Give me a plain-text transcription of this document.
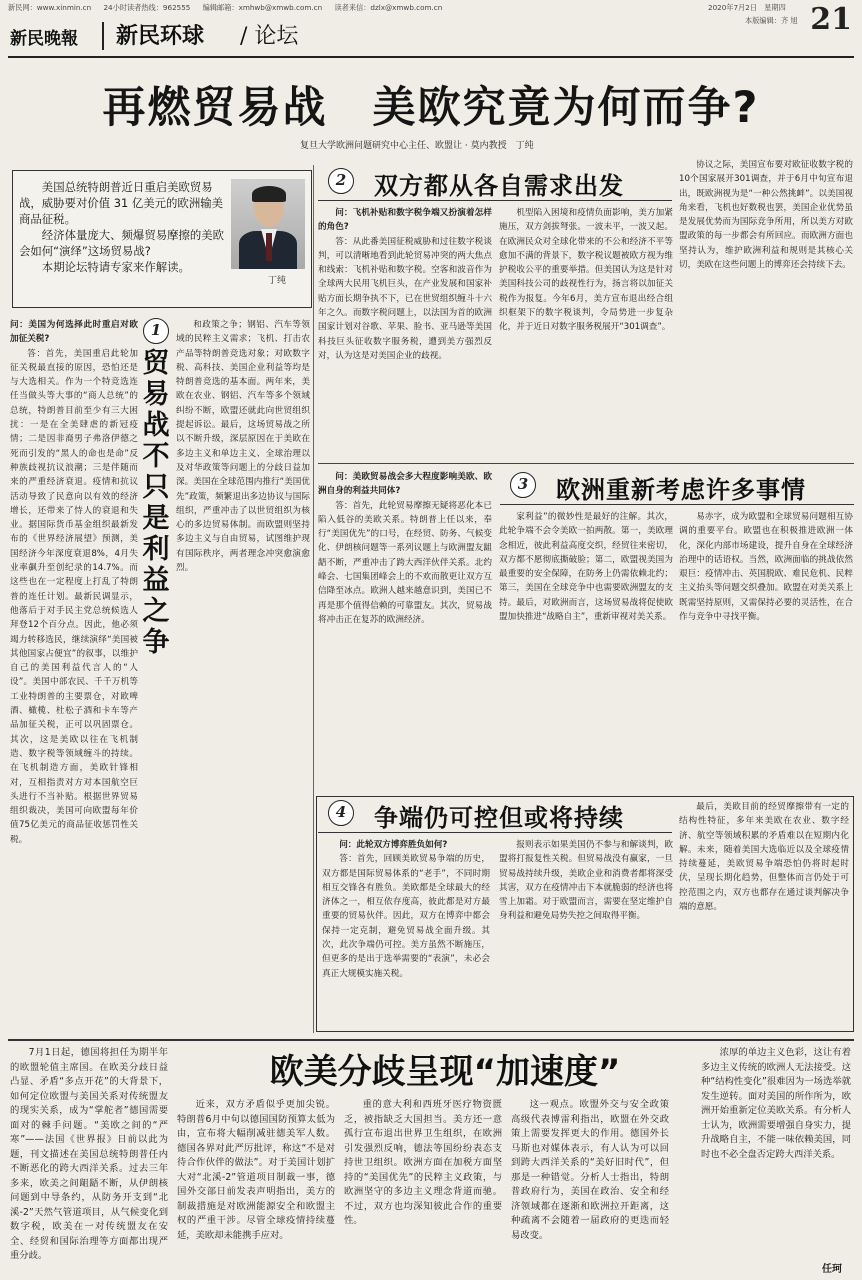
新民网：www.xinmin.cn 24小时读者热线：962555 编辑邮箱：xmhwb@xmwb.com.cn 读者来信：dzlx@xmwb.com.cn	2020年7月2日　星期四
本版编辑：齐 旭 21
新民晚報 新民环球 / 论坛
再燃贸易战　美欧究竟为何而争?
复旦大学欧洲问题研究中心主任、欧盟让 · 莫内教授　丁纯

美国总统特朗普近日重启美欧贸易战，威胁要对价值 31 亿美元的欧洲输美商品征税。

经济体量庞大、频爆贸易摩擦的美欧会如何“演绎”这场贸易战?

本期论坛特请专家来作解读。

丁纯
1
贸易战不只是利益之争

问：美国为何选择此时重启对欧加征关税?

答：首先，美国重启此轮加征关税最直接的原因，恐怕还是与大选相关。作为一个特竞选连任当做头等大事的“商人总统”的总统，特朗普目前至少有三大困扰：一是在全美肆虐的新冠疫情；二是因非裔男子弗洛伊德之死而引发的“黑人的命也是命”反种族歧视抗议浪潮；三是伴随而来的严重经济衰退。疫情和抗议活动导致了民意向以有效的经济增长，还带来了恃人的衰退和失业。据国际货币基金组织最新发布的《世界经济展望》预测，美国经济今年深度衰退8%，4月失业率飙升至创纪录的14.7%。而这些也在一定程度上打乱了特朗普的连任计划。最新民调显示，他落后于对手民主党总统候选人拜登12个百分点。因此，他必须竭力转移选民，继续演绎“美国被其他国家占便宜”的叙事，以维护自己的美国利益代言人的“人设”。美国中部农民、千千万机等工业特朗普的主要票仓，对欧啤酒、橄榄、杜松子酒和卡车等产品加征关税，正可以巩固票仓。其次，这是美欧以往在飞机制造、数字税等领域缠斗的持续。在飞机制造方面，美欧针锋相对，互相指责对方对本国航空巨头进行不当补贴。根据世界贸易组织裁决，美国可向欧盟每年价值75亿美元的商品征收惩罚性关税。

和政策之争；钢铝、汽车等领域的民粹主义需求；飞机、打击农产品等特朗普竞选对象；对欧数字税、高科技、美国企业利益等均是特朗普竞选的基本面。两年来，美欧在农业、钢铝、汽车等多个领域纠纷不断，欧盟还就此向世贸组织提起诉讼。最后，这场贸易战之所以不断升级，深层原因在于美欧在多边主义和单边主义、全球治理以及对华政策等问题上的分歧日益加深。美国在全球范围内推行“美国优先”政策，频繁退出多边协议与国际组织，严重冲击了以世贸组织为核心的多边贸易体制。而欧盟则坚持多边主义与自由贸易，试图维护现有国际秩序，两者理念冲突愈演愈烈。

2	双方都从各自需求出发

问：飞机补贴和数字税争端又扮演着怎样的角色?

答：从此番美国征税威胁和过往数字税谈判，可以清晰地看到此轮贸易冲突的两大焦点和线索：飞机补贴和数字税。空客和波音作为全球两大民用飞机巨头，在产业发展和国家补贴方面长期争执不下，已在世贸组织缠斗十六年之久。而数字税问题上，以法国为首的欧洲国家计划对谷歌、苹果、脸书、亚马逊等美国科技巨头征收数字服务税，遭到美方强烈反对，认为这是对美国企业的歧视。

机型陷入困境和疫情负面影响，美方加紧施压，双方剑拔弩张。一波未平，一波又起。在欧洲民众对全球化带来的不公和经济不平等愈加不满的背景下，数字税议题被欧方视为维护税收公平的重要举措。但美国认为这是针对美国科技公司的歧视性行为，扬言将以加征关税作为报复。今年6月，美方宣布退出经合组织框架下的数字税谈判，令局势进一步复杂化，并于近日对数字服务税展开“301调查”。

协议之际，美国宣布要对欧征收数字税的10个国家展开301调查，并于6月中旬宣布退出，既欧洲视为是“一种公然挑衅”。以美国视角来看，飞机也好数税也罢，美国企业优势虽是发展优势而为国际竞争所用，所以美方对欧盟政策的每一步都会有所回应。而欧洲方面也坚持认为，维护欧洲利益和规则是其核心关切，美欧在这些问题上的博弈还会持续下去。

3	欧洲重新考虑许多事情

问：美欧贸易战会多大程度影响美欧、欧洲自身的利益共同体?

答：首先，此轮贸易摩擦无疑将恶化本已陷入低谷的美欧关系。特朗普上任以来，奉行“美国优先”的口号，在经贸、防务、气候变化、伊朗核问题等一系列议题上与欧洲盟友龃龉不断，严重冲击了跨大西洋伙伴关系。北约峰会、七国集团峰会上的不欢而散更让双方互信降至冰点。欧洲人越来越意识到，美国已不再是那个值得信赖的可靠盟友。其次，贸易战将冲击正在复苏的欧洲经济。

家利益”的微妙性是最好的注解。其次，此轮争端不会令美欧一拍两散。第一，美欧理念相近，彼此利益高度交织，经贸往来密切，双方都不愿彻底撕破脸；第二，欧盟视美国为最重要的安全保障，在防务上仍需依赖北约；第三，美国在全球竞争中也需要欧洲盟友的支持。最后，对欧洲而言，这场贸易战将促使欧盟加快推进“战略自主”，重新审视对美关系。

易赤字，成为欧盟和全球贸易问题相互协调的重要平台。欧盟也在积极推进欧洲一体化，深化内部市场建设，提升自身在全球经济治理中的话语权。当然，欧洲面临的挑战依然艰巨：疫情冲击、英国脱欧、难民危机、民粹主义抬头等问题交织叠加。欧盟在对美关系上既需坚持原则，又需保持必要的灵活性，在合作与竞争中寻找平衡。

4	争端仍可控但或将持续

问：此轮双方博弈胜负如何?

答：首先，回顾美欧贸易争端的历史，双方都是国际贸易体系的“老手”，不同时期相互交锋各有胜负。美欧都是全球最大的经济体之一，相互依存度高，彼此都是对方最重要的贸易伙伴。因此，双方在博弈中都会保持一定克制，避免贸易战全面升级。其次，此次争端仍可控。美方虽然不断施压，但更多的是出于选举需要的“表演”，未必会真正大规模实施关税。

报则表示如果美国仍不参与和解谈判，欧盟将打报复性关税。但贸易战没有赢家，一旦贸易战持续升级，美欧企业和消费者都将深受其害，双方在疫情冲击下本就脆弱的经济也将雪上加霜。对于欧盟而言，需要在坚定维护自身利益和避免局势失控之间取得平衡。

最后，美欧目前的经贸摩擦带有一定的结构性特征，多年来美欧在农业、数字经济、航空等领域积累的矛盾难以在短期内化解。未来，随着美国大选临近以及全球疫情持续蔓延，美欧贸易争端恐怕仍将时起时伏，呈现长期化趋势，但整体而言仍处于可控范围之内，双方也都存在通过谈判解决争端的意愿。

欧美分歧呈现“加速度”

7月1日起，德国将担任为期半年的欧盟轮值主席国。在欧美分歧日益凸显、矛盾“多点开花”的大背景下，如何定位欧盟与美国关系对传统盟友的现实关系，成为“掌舵者”德国需要面对的棘手问题。“美欧之间的“严寒”——法国《世界报》日前以此为题，刊文描述在美国总统特朗普任内不断恶化的跨大西洋关系。过去三年多来，欧美之间龃龉不断，从伊朗核问题到中导条约，从防务开支到“北溪-2”天然气管道项目，从气候变化到数字税，欧美在一对传统盟友在安全、经贸和国际治理等方面都出现严重分歧。

近来，双方矛盾似乎更加尖锐。特朗普6月中旬以德国国防预算太低为由，宣布将大幅削减驻德美军人数。德国各界对此严厉批评，称这“不是对待合作伙伴的做法”。对于美国计划扩大对“北溪-2”管道项目制裁一事，德国外交部日前发表声明指出，美方的制裁措施是对欧洲能源安全和欧盟主权的严重干涉。尽管全球疫情持续蔓延，美欧却未能携手应对。

重的意大利和西班牙医疗物资匮乏，被指缺乏大国担当。美方还一意孤行宣布退出世界卫生组织，在欧洲引发强烈反响，德法等国纷纷表态支持世卫组织。欧洲方面在加税方面坚持的“美国优先”的民粹主义政策，与欧洲坚守的多边主义理念背道而驰。不过，双方也均深知彼此合作的重要性。

这一观点。欧盟外交与安全政策高级代表博雷利指出，欧盟在外交政策上需要发挥更大的作用。德国外长马斯也对媒体表示，有人认为可以回到跨大西洋关系的“美好旧时代”，但那是一种错觉。分析人士指出，特朗普政府行为，美国在政治、安全和经济领域都在逐渐和欧洲拉开距离，这种疏离不会随着一届政府的更迭而轻易改变。

浓厚的单边主义色彩，这让有着多边主义传统的欧洲人无法接受。这种“结构性变化”很难因为一场选举就发生逆转。面对美国的所作所为，欧洲开始重新定位美欧关系。有分析人士认为，欧洲需要增强自身实力，提升战略自主，不能一味依赖美国，同时也不必全盘否定跨大西洋关系。

任珂
